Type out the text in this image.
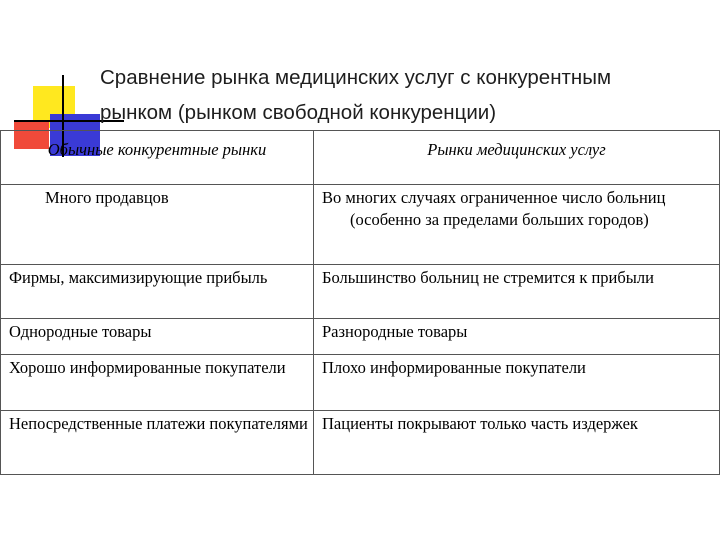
Сравнение рынка медицинских услуг с конкурентным
рынком (рынком свободной конкуренции)
Обычные конкурентные рынки	Рынки медицинских услуг

Много продавцов	Во многих случаях ограниченное число больниц (особенно за пределами больших городов)

Фирмы, максимизирующие прибыль	Большинство больниц не стремится к прибыли

Однородные товары	Разнородные товары

Хорошо информированные покупатели	Плохо информированные покупатели

Непосредственные платежи покупателями	Пациенты покрывают только часть издержек
